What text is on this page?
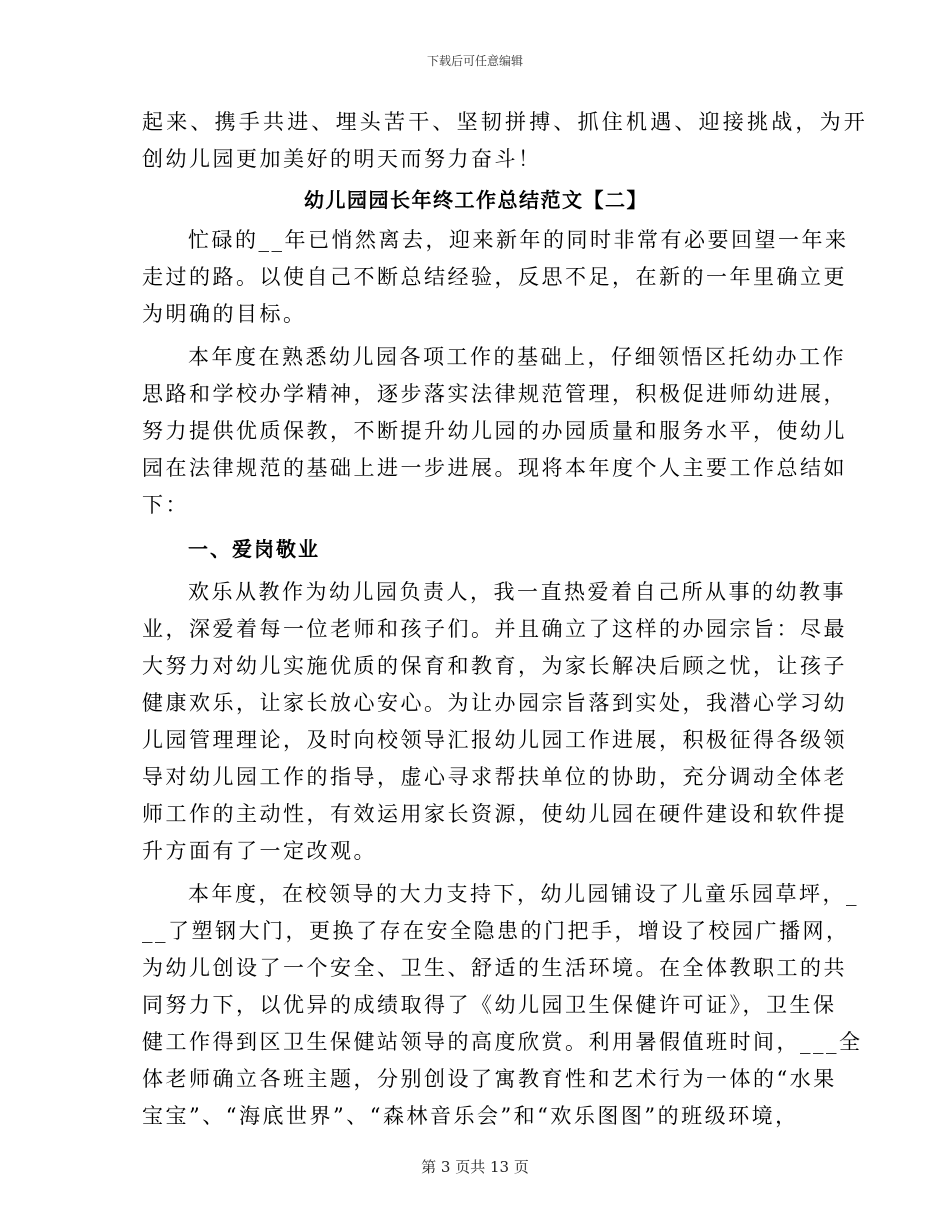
下载后可任意编辑
起来、携手共进、埋头苦干、坚韧拼搏、抓住机遇、迎接挑战，为开
创幼儿园更加美好的明天而努力奋斗！
幼儿园园长年终工作总结范文【二】
忙碌的__年已悄然离去，迎来新年的同时非常有必要回望一年来
走过的路。以使自己不断总结经验，反思不足，在新的一年里确立更
为明确的目标。
本年度在熟悉幼儿园各项工作的基础上，仔细领悟区托幼办工作
思路和学校办学精神，逐步落实法律规范管理，积极促进师幼进展，
努力提供优质保教，不断提升幼儿园的办园质量和服务水平，使幼儿
园在法律规范的基础上进一步进展。现将本年度个人主要工作总结如
下：
一、爱岗敬业
欢乐从教作为幼儿园负责人，我一直热爱着自己所从事的幼教事
业，深爱着每一位老师和孩子们。并且确立了这样的办园宗旨：尽最
大努力对幼儿实施优质的保育和教育，为家长解决后顾之忧，让孩子
健康欢乐，让家长放心安心。为让办园宗旨落到实处，我潜心学习幼
儿园管理理论，及时向校领导汇报幼儿园工作进展，积极征得各级领
导对幼儿园工作的指导，虚心寻求帮扶单位的协助，充分调动全体老
师工作的主动性，有效运用家长资源，使幼儿园在硬件建设和软件提
升方面有了一定改观。
本年度，在校领导的大力支持下，幼儿园铺设了儿童乐园草坪，_
__了塑钢大门，更换了存在安全隐患的门把手，增设了校园广播网，
为幼儿创设了一个安全、卫生、舒适的生活环境。在全体教职工的共
同努力下，以优异的成绩取得了《幼儿园卫生保健许可证》，卫生保
健工作得到区卫生保健站领导的高度欣赏。利用暑假值班时间，___全
体老师确立各班主题，分别创设了寓教育性和艺术行为一体的“水果
宝宝”、“海底世界”、“森林音乐会”和“欢乐图图”的班级环境，
第 3 页共 13 页
